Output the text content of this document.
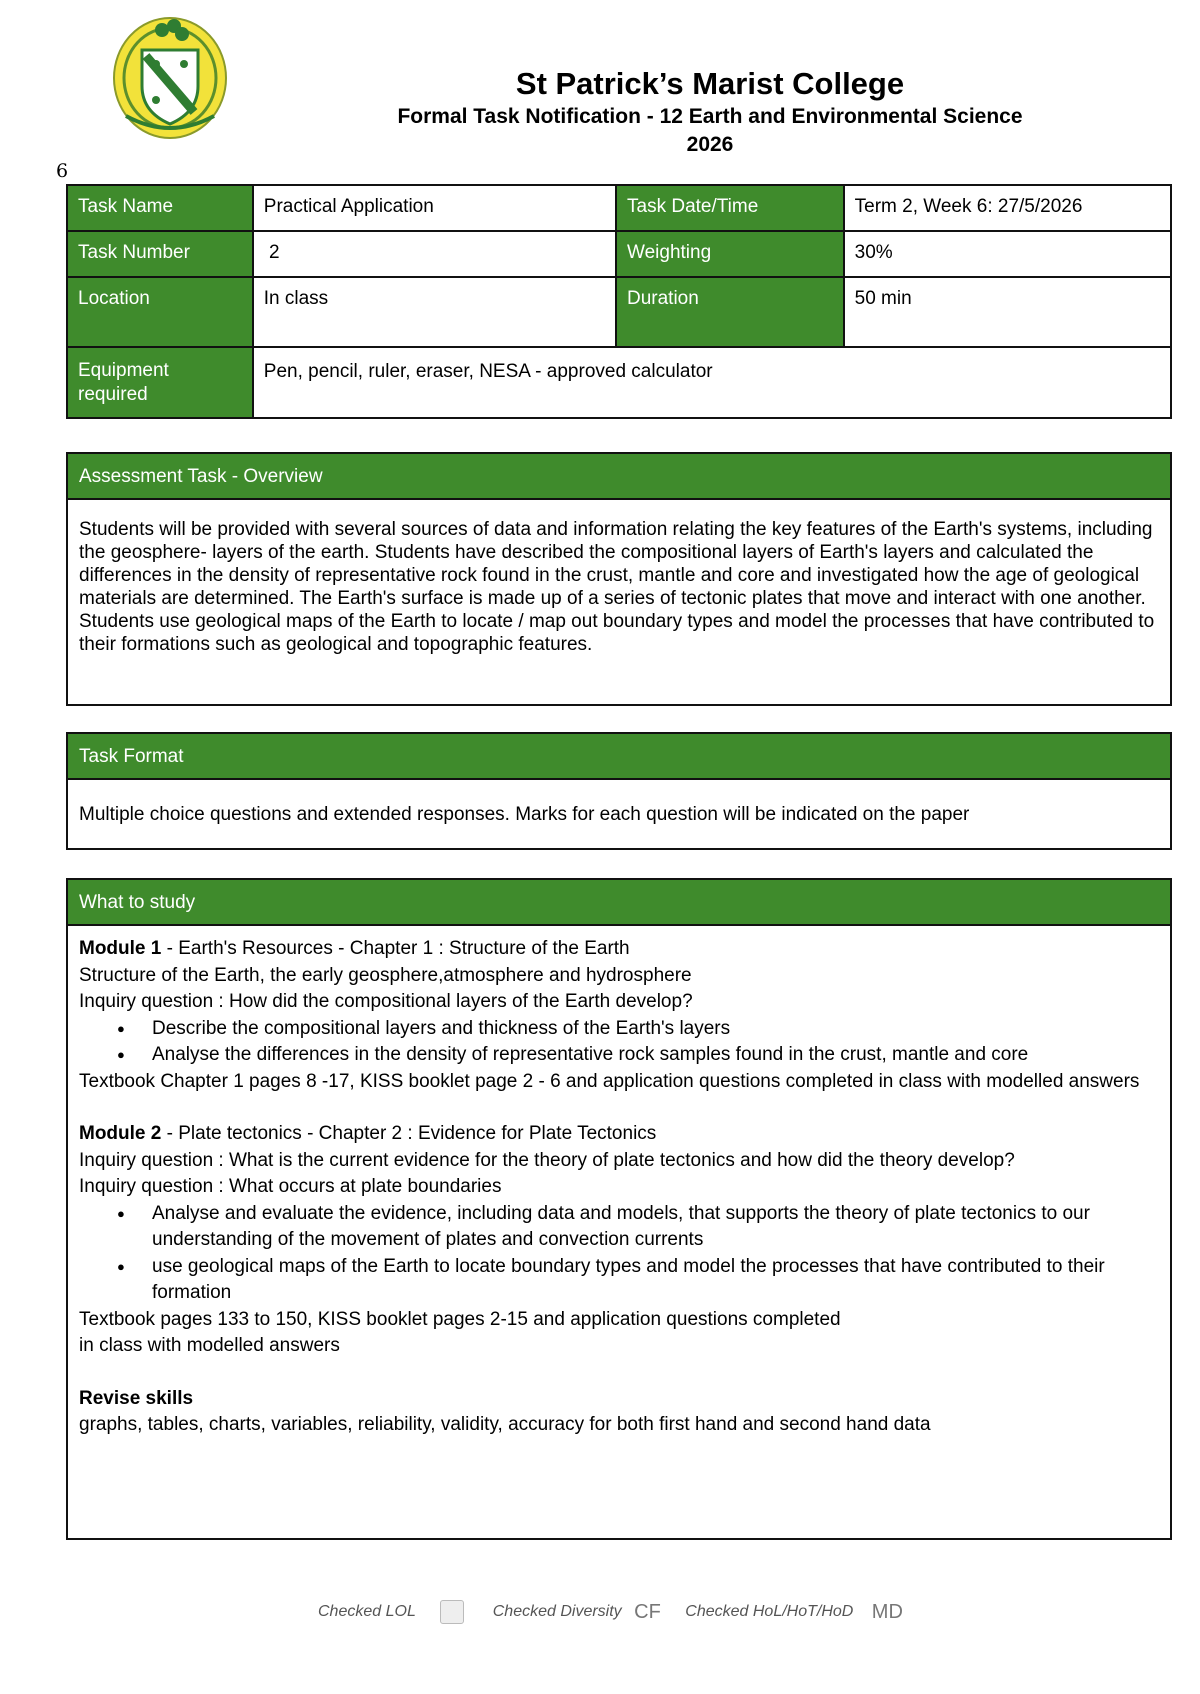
St Patrick’s Marist College
Formal Task Notification - 12 Earth and Environmental Science
2026
6
Task Name	Practical Application	Task Date/Time	Term 2, Week 6: 27/5/2026
Task Number	2	Weighting	30%
Location	In class	Duration	50 min
Equipment
required	Pen, pencil, ruler, eraser, NESA - approved calculator		
Assessment Task - Overview
Students will be provided with several sources of data and information relating the key features of the Earth's systems, including the geosphere- layers of the earth. Students have described the compositional layers of Earth's layers and calculated the differences in the density of representative rock found in the crust, mantle and core and investigated how the age of geological materials are determined. The Earth's surface is made up of a series of tectonic plates that move and interact with one another. Students use geological maps of the Earth to locate / map out boundary types and model the processes that have contributed to their formations such as geological and topographic features.
Task Format
Multiple choice questions and extended responses. Marks for each question will be indicated on the paper
What to study
Module 1 - Earth's Resources - Chapter 1 : Structure of the Earth
Structure of the Earth, the early geosphere,atmosphere and hydrosphere
Inquiry question : How did the compositional layers of the Earth develop?
● Describe the compositional layers and thickness of the Earth's layers
● Analyse the differences in the density of representative rock samples found in the crust, mantle and core
Textbook Chapter 1 pages 8 -17, KISS booklet page 2 - 6 and application questions completed in class with modelled answers
Module 2 - Plate tectonics - Chapter 2 : Evidence for Plate Tectonics
Inquiry question : What is the current evidence for the theory of plate tectonics and how did the theory develop?
Inquiry question : What occurs at plate boundaries
● Analyse and evaluate the evidence, including data and models, that supports the theory of plate tectonics to our understanding of the movement of plates and convection currents
● use geological maps of the Earth to locate boundary types and model the processes that have contributed to their formation
Textbook pages 133 to 150, KISS booklet pages 2-15 and application questions completed
in class with modelled answers
Revise skills
graphs, tables, charts, variables, reliability, validity, accuracy for both first hand and second hand data
Checked LOL	Checked Diversity CF Checked HoL/HoT/HoD MD
